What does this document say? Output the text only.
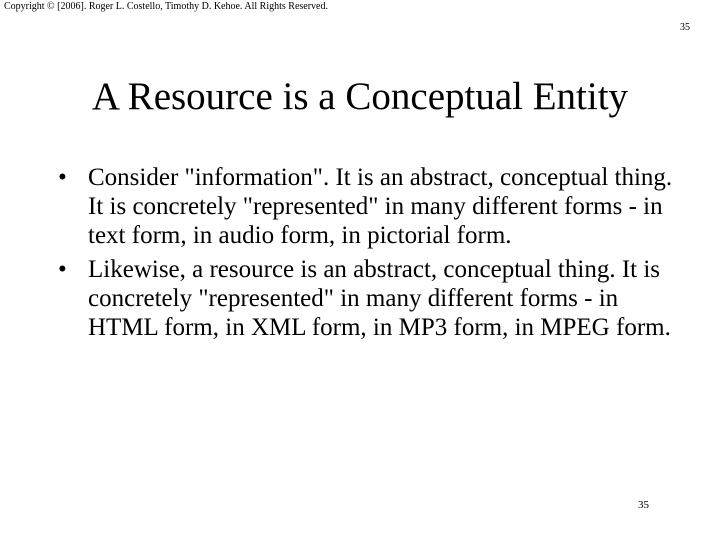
Copyright © [2006]. Roger L. Costello, Timothy D. Kehoe. All Rights Reserved.
35
A Resource is a Conceptual Entity
• Consider "information". It is an abstract, conceptual thing. It is concretely "represented" in many different forms - in text form, in audio form, in pictorial form.
• Likewise, a resource is an abstract, conceptual thing. It is concretely "represented" in many different forms - in HTML form, in XML form, in MP3 form, in MPEG form.
35
